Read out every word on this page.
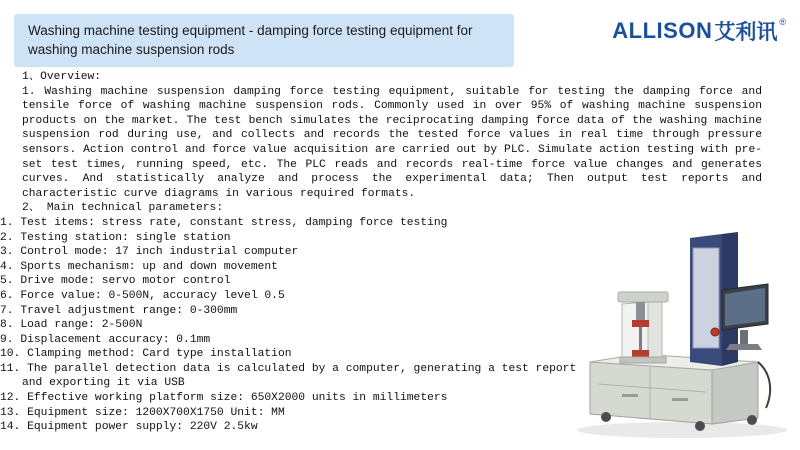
Washing machine testing equipment - damping force testing equipment for washing machine suspension rods
ALLISON艾利讯 ®
1、Overview:
1. Washing machine suspension damping force testing equipment, suitable for testing the damping force and tensile force of washing machine suspension rods. Commonly used in over 95% of washing machine suspension products on the market. The test bench simulates the reciprocating damping force data of the washing machine suspension rod during use, and collects and records the tested force values in real time through pressure sensors. Action control and force value acquisition are carried out by PLC. Simulate action testing with pre-set test times, running speed, etc. The PLC reads and records real-time force value changes and generates curves. And statistically analyze and process the experimental data; Then output test reports and characteristic curve diagrams in various required formats.
2、 Main technical parameters:
1. Test items: stress rate, constant stress, damping force testing
2. Testing station: single station
3. Control mode: 17 inch industrial computer
4. Sports mechanism: up and down movement
5. Drive mode: servo motor control
6. Force value: 0-500N, accuracy level 0.5
7. Travel adjustment range: 0-300mm
8. Load range: 2-500N
9. Displacement accuracy: 0.1mm
10. Clamping method: Card type installation
11. The parallel detection data is calculated by a computer, generating a test report and exporting it via USB
12. Effective working platform size: 650X2000 units in millimeters
13. Equipment size: 1200X700X1750 Unit: MM
14. Equipment power supply: 220V 2.5kw
